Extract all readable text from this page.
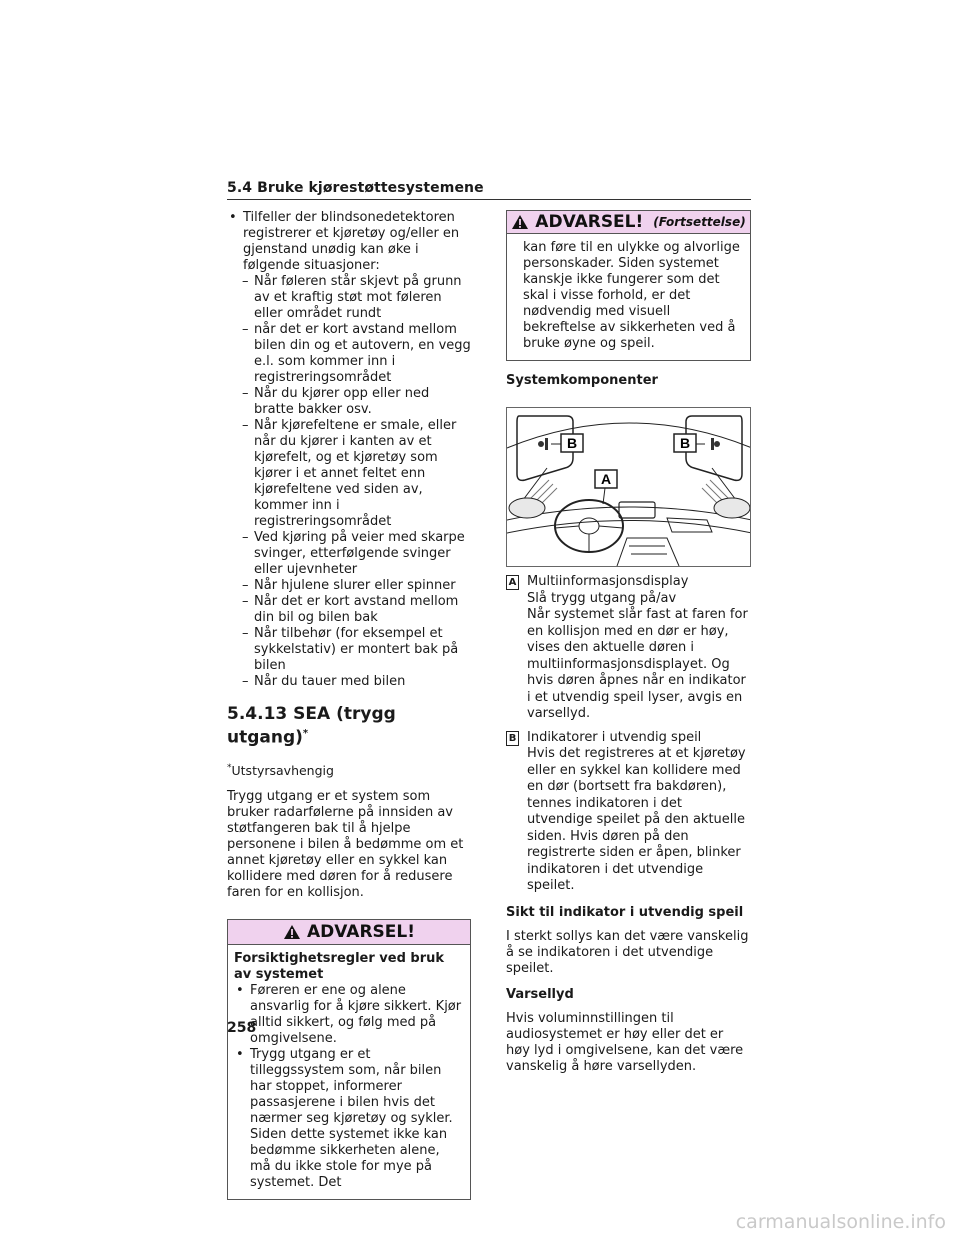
5.4 Bruke kjørestøttesystemene
• Tilfeller der blindsonedetektoren registrerer et kjøretøy og/eller en gjenstand unødig kan øke i følgende situasjoner:
– Når føleren står skjevt på grunn av et kraftig støt mot føleren eller området rundt
– når det er kort avstand mellom bilen din og et autovern, en vegg e.l. som kommer inn i registreringsområdet
– Når du kjører opp eller ned bratte bakker osv.
– Når kjørefeltene er smale, eller når du kjører i kanten av et kjørefelt, og et kjøretøy som kjører i et annet feltet enn kjørefeltene ved siden av, kommer inn i registreringsområdet
– Ved kjøring på veier med skarpe svinger, etterfølgende svinger eller ujevnheter
– Når hjulene slurer eller spinner
– Når det er kort avstand mellom din bil og bilen bak
– Når tilbehør (for eksempel et sykkelstativ) er montert bak på bilen
– Når du tauer med bilen
5.4.13 SEA (trygg utgang)*
*Utstyrsavhengig
Trygg utgang er et system som bruker radarfølerne på innsiden av støtfangeren bak til å hjelpe personene i bilen å bedømme om et annet kjøretøy eller en sykkel kan kollidere med døren for å redusere faren for en kollisjon.
ADVARSEL!
Forsiktighetsregler ved bruk av systemet
• Føreren er ene og alene ansvarlig for å kjøre sikkert. Kjør alltid sikkert, og følg med på omgivelsene.
• Trygg utgang er et tilleggssystem som, når bilen har stoppet, informerer passasjerene i bilen hvis det nærmer seg kjøretøy og sykler. Siden dette systemet ikke kan bedømme sikkerheten alene, må du ikke stole for mye på systemet. Det
ADVARSEL! (Fortsettelse)
kan føre til en ulykke og alvorlige personskader. Siden systemet kanskje ikke fungerer som det skal i visse forhold, er det nødvendig med visuell bekreftelse av sikkerheten ved å bruke øyne og speil.
Systemkomponenter
B	B
A
A Multiinformasjonsdisplay
Slå trygg utgang på/av
Når systemet slår fast at faren for en kollisjon med en dør er høy, vises den aktuelle døren i multiinformasjonsdisplayet. Og hvis døren åpnes når en indikator i et utvendig speil lyser, avgis en varsellyd.
B Indikatorer i utvendig speil
Hvis det registreres at et kjøretøy eller en sykkel kan kollidere med en dør (bortsett fra bakdøren), tennes indikatoren i det utvendige speilet på den aktuelle siden. Hvis døren på den registrerte siden er åpen, blinker indikatoren i det utvendige speilet.
Sikt til indikator i utvendig speil
I sterkt sollys kan det være vanskelig å se indikatoren i det utvendige speilet.
Varsellyd
Hvis voluminnstillingen til audiosystemet er høy eller det er høy lyd i omgivelsene, kan det være vanskelig å høre varsellyden.
258
carmanualsonline.info
